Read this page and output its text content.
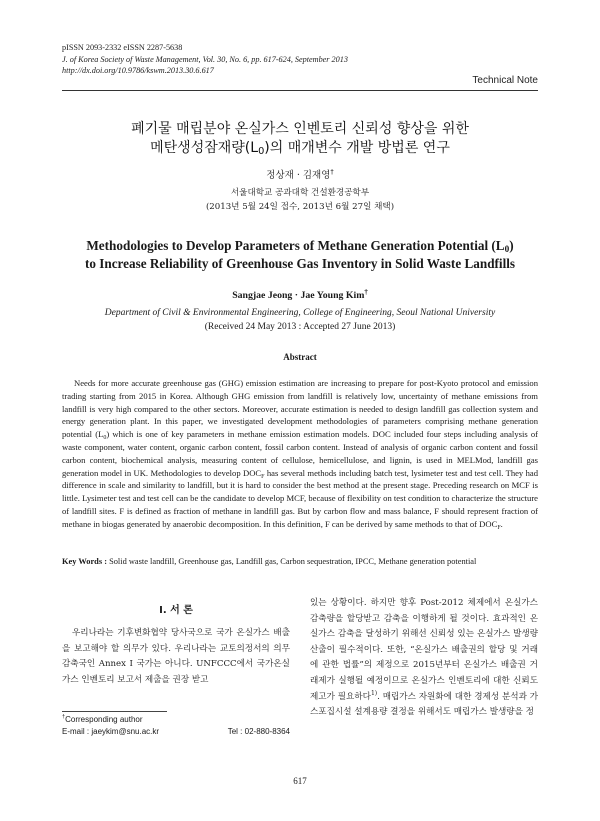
pISSN 2093-2332 eISSN 2287-5638
J. of Korea Society of Waste Management, Vol. 30, No. 6, pp. 617-624, September 2013
http://dx.doi.org/10.9786/kswm.2013.30.6.617
Technical Note
폐기물 매립분야 온실가스 인벤토리 신뢰성 향상을 위한
메탄생성잠재량$(L_0)$의 매개변수 개발 방법론 연구
정상재 · 김재영†
서울대학교 공과대학 건설환경공학부
(2013년 5월 24일 접수, 2013년 6월 27일 채택)
Methodologies to Develop Parameters of Methane Generation Potential $(L_0)$
to Increase Reliability of Greenhouse Gas Inventory in Solid Waste Landfills
Sangjae Jeong · Jae Young Kim†
Department of Civil & Environmental Engineering, College of Engineering, Seoul National University
(Received 24 May 2013 : Accepted 27 June 2013)
Abstract
Needs for more accurate greenhouse gas (GHG) emission estimation are increasing to prepare for post-Kyoto protocol and emission trading starting from 2015 in Korea. Although GHG emission from landfill is relatively low, uncertainty of methane emissions from landfill is very high compared to the other sectors. Moreover, accurate estimation is needed to design landfill gas collection system and energy generation plant. In this paper, we investigated development methodologies of parameters comprising methane generation potential $(L_0)$ which is one of key parameters in methane emission estimation models. DOC included four steps including analysis of waste component, water content, organic carbon content, fossil carbon content. Instead of analysis of organic carbon content and fossil carbon content, biochemical analysis, measuring content of cellulose, hemicellulose, and lignin, is used in MELMod, landfill gas generation model in UK. Methodologies to develop $DOC_F$ has several methods including batch test, lysimeter test and test cell. They had difference in scale and similarity to landfill, but it is hard to consider the best method at the present stage. Preceding research on MCF is little. Lysimeter test and test cell can be the candidate to develop MCF, because of flexibility on test condition to characterize the structure of landfill sites. F is defined as fraction of methane in landfill gas. But by carbon flow and mass balance, F should represent fraction of methane in biogas generated by anaerobic decomposition. In this definition, F can be derived by same methods to that of $DOC_F$.
Key Words : Solid waste landfill, Greenhouse gas, Landfill gas, Carbon sequestration, IPCC, Methane generation potential
I. 서 론
우리나라는 기후변화협약 당사국으로 국가 온실가스 배출을 보고해야 할 의무가 있다. 우리나라는 교토의정서의 의무감축국인 Annex I 국가는 아니다. UNFCCC에서 국가온실가스 인벤토리 보고서 제출을 권장 받고
있는 상황이다. 하지만 향후 Post-2012 체제에서 온실가스 감축량을 할당받고 감축을 이행하게 될 것이다. 효과적인 온실가스 감축을 달성하기 위해선 신뢰성 있는 온실가스 발생량 산출이 필수적이다. 또한, “온실가스 배출권의 할당 및 거래에 관한 법률”의 제정으로 2015년부터 온실가스 배출권 거래제가 실행될 예정이므로 온실가스 인벤토리에 대한 신뢰도 제고가 필요하다$^{1)}$. 매립가스 자원화에 대한 경제성 분석과 가스포집시설 설계용량 결정을 위해서도 매립가스 발생량을 정
†Corresponding author
E-mail : jaeykim@snu.ac.kr	Tel : 02-880-8364
617
